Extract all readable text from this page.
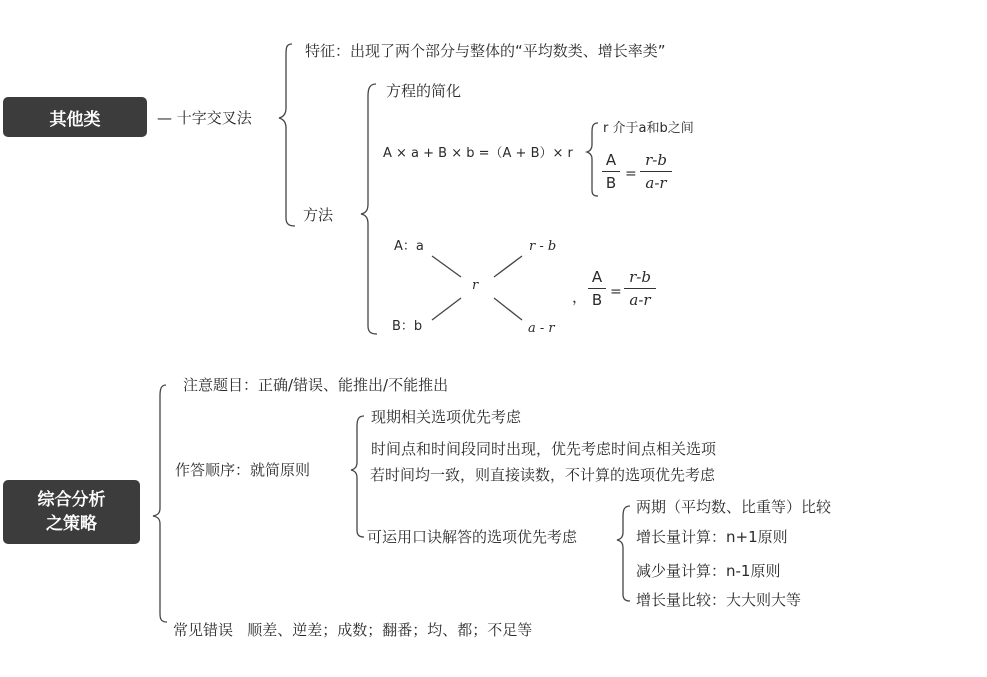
其他类	— 十字交叉法
特征：出现了两个部分与整体的“平均数类、增长率类”
方法
方程的简化
A × a + B × b =（A + B）× r
r 介于a和b之间
A
B =
r-b
a-r
A：a
B：b
r
r - b
a - r
，
A
B =
r-b
a-r
综合分析
之策略
注意题目：正确/错误、能推出/不能推出
作答顺序：就简原则
现期相关选项优先考虑
时间点和时间段同时出现，优先考虑时间点相关选项
若时间均一致，则直接读数，不计算的选项优先考虑
可运用口诀解答的选项优先考虑
两期（平均数、比重等）比较
增长量计算：n+1原则
减少量计算：n-1原则
增长量比较：大大则大等
常见错误   顺差、逆差；成数；翻番；均、都；不足等
